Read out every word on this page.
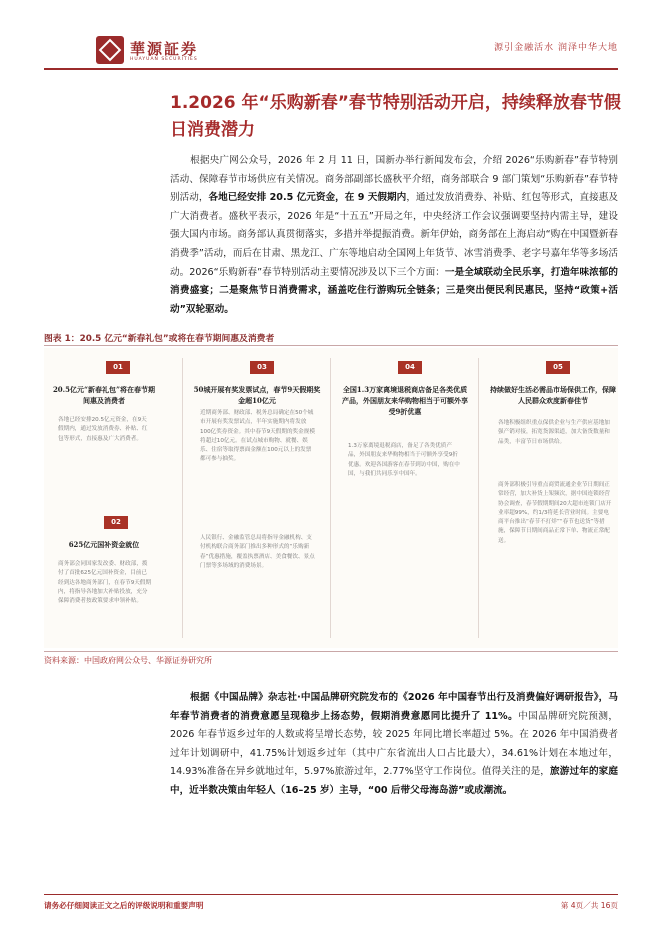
華源証券
HUAYUAN SECURITIES
源引金融活水 润泽中华大地
1.2026 年“乐购新春”春节特别活动开启，持续释放春节假日消费潜力
根据央广网公众号，2026 年 2 月 11 日，国新办举行新闻发布会，介绍 2026“乐购新春”春节特别活动、保障春节市场供应有关情况。商务部副部长盛秋平介绍，商务部联合 9 部门策划“乐购新春”春节特别活动，各地已经安排 20.5 亿元资金，在 9 天假期内，通过发放消费券、补贴、红包等形式，直接惠及广大消费者。盛秋平表示，2026 年是“十五五”开局之年，中央经济工作会议强调要坚持内需主导，建设强大国内市场。商务部认真贯彻落实，多措并举提振消费。新年伊始，商务部在上海启动“购在中国暨新春消费季”活动，而后在甘肃、黑龙江、广东等地启动全国网上年货节、冰雪消费季、老字号嘉年华等多场活动。2026“乐购新春”春节特别活动主要情况涉及以下三个方面：一是全域联动全民乐享，打造年味浓郁的消费盛宴；二是聚焦节日消费需求，涵盖吃住行游购玩全链条；三是突出便民利民惠民，坚持“政策+活动”双轮驱动。
图表 1：20.5 亿元“新春礼包”或将在春节期间惠及消费者
01
20.5亿元“新春礼包”将在春节期间惠及消费者
各地已经安排20.5亿元资金，在9天假期内，通过发放消费券、补贴、红包等形式，直接惠及广大消费者。
02
625亿元国补资金就位
商务部会同国家发改委、财政部，拨付了首批625亿元国补资金，目前已经到达各地商务部门，在春节9天假期内，将指导各地加大补贴投放，充分保障消费者按政策要求申领补贴。
03
50城开展有奖发票试点，春节9天假期奖金超10亿元
近期商务部、财政部、税务总局确定在50个城市开展有奖发票试点，半年实施期内将发放100亿奖券资金。其中春节9天假期的奖金规模将超过10亿元。在试点城市购物、就餐、娱乐、住宿等取得票面金额在100元以上的发票都可参与抽奖。
人民银行、金融监管总局将指导金融机构、支付机构联合商务部门推出多种形式的“乐购新春”优惠措施，覆盖执票酒店、美食餐饮、景点门票等多场域的消费场景。
04
全国1.3万家离境退税商店备足各类优质产品，外国朋友来华购物相当于可额外享受9折优惠
1.3万家离境退税商店，备足了各类优质产品，外国朋友来华购物相当于可额外享受9折优惠。欢迎各国游客在春节到访中国，购在中国，与我们共同乐享中国年。
05
持续做好生活必需品市场保供工作，保障人民群众欢度新春佳节
各地积极组织重点保供企业与生产供应基地加强产销对接，拓宽货源渠道，加大备货数量和品类，丰富节日市场供给。
商务部积极引导重点商贸流通企业节日期间正常经营，加大补货上架频次，据中国连锁经营协会调查，春节假期期间20大超市连锁门店开业率超99%，约1/3将延长营业时间。主要电商平台推出“春节不打烊”“春节也送货”等措施，保障节日期间商品正常下单、物流正常配送。
资料来源：中国政府网公众号、华源证券研究所
根据《中国品牌》杂志社·中国品牌研究院发布的《2026 年中国春节出行及消费偏好调研报告》，马年春节消费者的消费意愿呈现稳步上扬态势，假期消费意愿同比提升了 11%。中国品牌研究院预测，2026 年春节返乡过年的人数或将呈增长态势，较 2025 年同比增长率超过 5%。在 2026 年中国消费者过年计划调研中，41.75%计划返乡过年（其中广东省流出人口占比最大），34.61%计划在本地过年，14.93%准备在异乡就地过年，5.97%旅游过年，2.77%坚守工作岗位。值得关注的是，旅游过年的家庭中，近半数决策由年轻人（16–25 岁）主导，“00 后带父母海岛游”或成潮流。
请务必仔细阅读正文之后的评级说明和重要声明	第 4页／共 16页
